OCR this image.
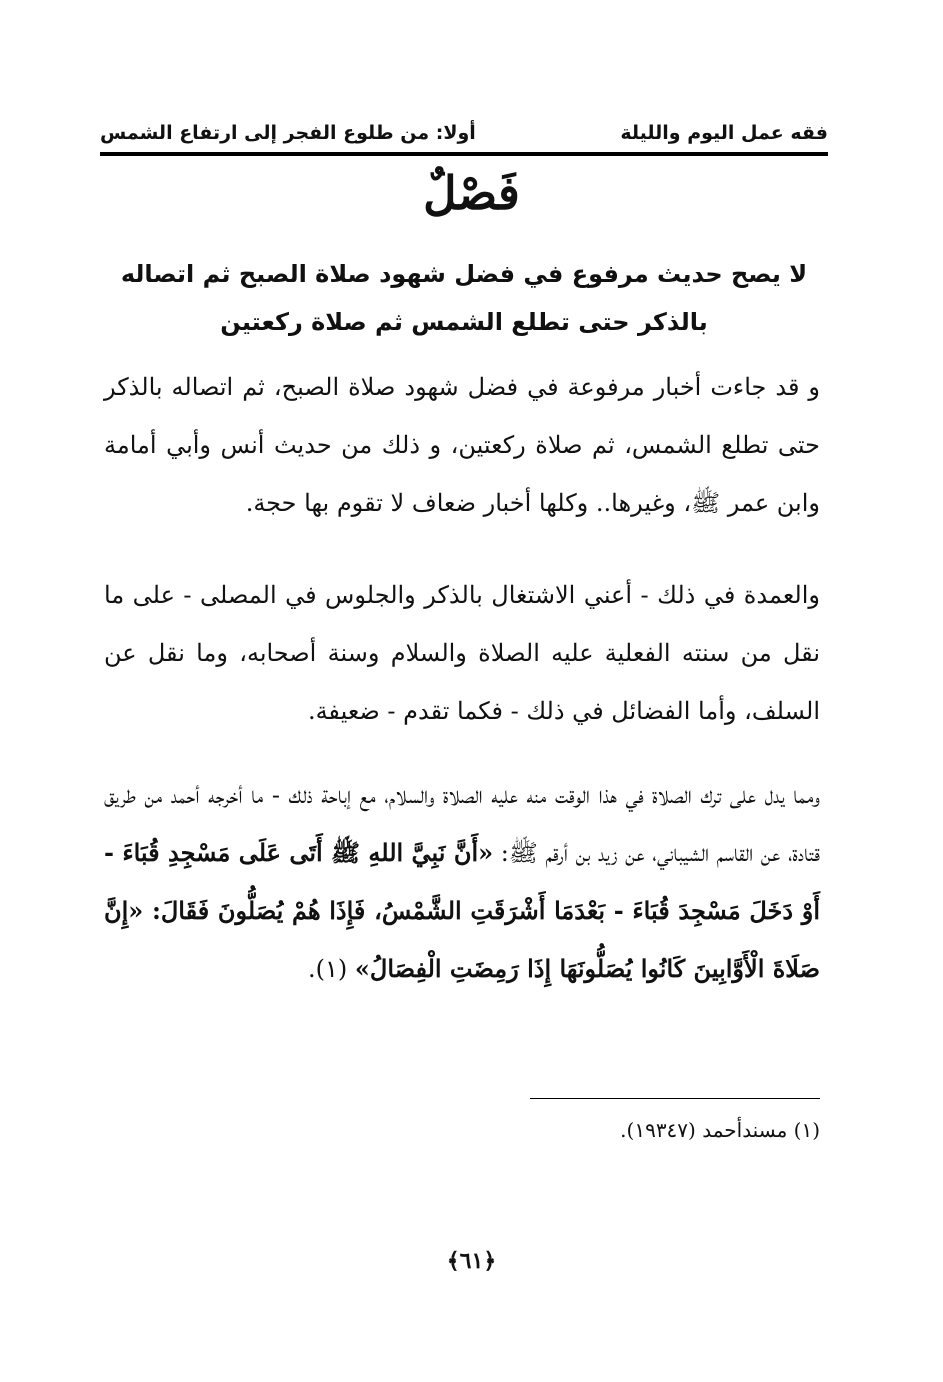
فقه عمل اليوم والليلة
أولا: من طلوع الفجر إلى ارتفاع الشمس
فَصْلٌ
لا يصح حديث مرفوع في فضل شهود صلاة الصبح ثم اتصاله
بالذكر حتى تطلع الشمس ثم صلاة ركعتين
و قد جاءت أخبار مرفوعة في فضل شهود صلاة الصبح، ثم اتصاله بالذكر حتى تطلع الشمس، ثم صلاة ركعتين، و ذلك من حديث أنس وأبي أمامة وابن عمر ﷺ، وغيرها.. وكلها أخبار ضعاف لا تقوم بها حجة.
والعمدة في ذلك - أعني الاشتغال بالذكر والجلوس في المصلى - على ما نقل من سنته الفعلية عليه الصلاة والسلام وسنة أصحابه، وما نقل عن السلف، وأما الفضائل في ذلك - فكما تقدم - ضعيفة.
ومما يدل على ترك الصلاة في هذا الوقت منه عليه الصلاة والسلام، مع إباحة ذلك - ما أخرجه أحمد من طريق قتادة، عن القاسم الشيباني، عن زيد بن أرقم ﷺ: «أَنَّ نَبِيَّ اللهِ ﷺ أَتَى عَلَى مَسْجِدِ قُبَاءَ - أَوْ دَخَلَ مَسْجِدَ قُبَاءَ - بَعْدَمَا أَشْرَقَتِ الشَّمْسُ، فَإِذَا هُمْ يُصَلُّونَ فَقَالَ: «إِنَّ صَلَاةَ الْأَوَّابِينَ كَانُوا يُصَلُّونَهَا إِذَا رَمِضَتِ الْفِصَالُ» (١).
(١) مسندأحمد (١٩٣٤٧).
﴿٦١﴾
